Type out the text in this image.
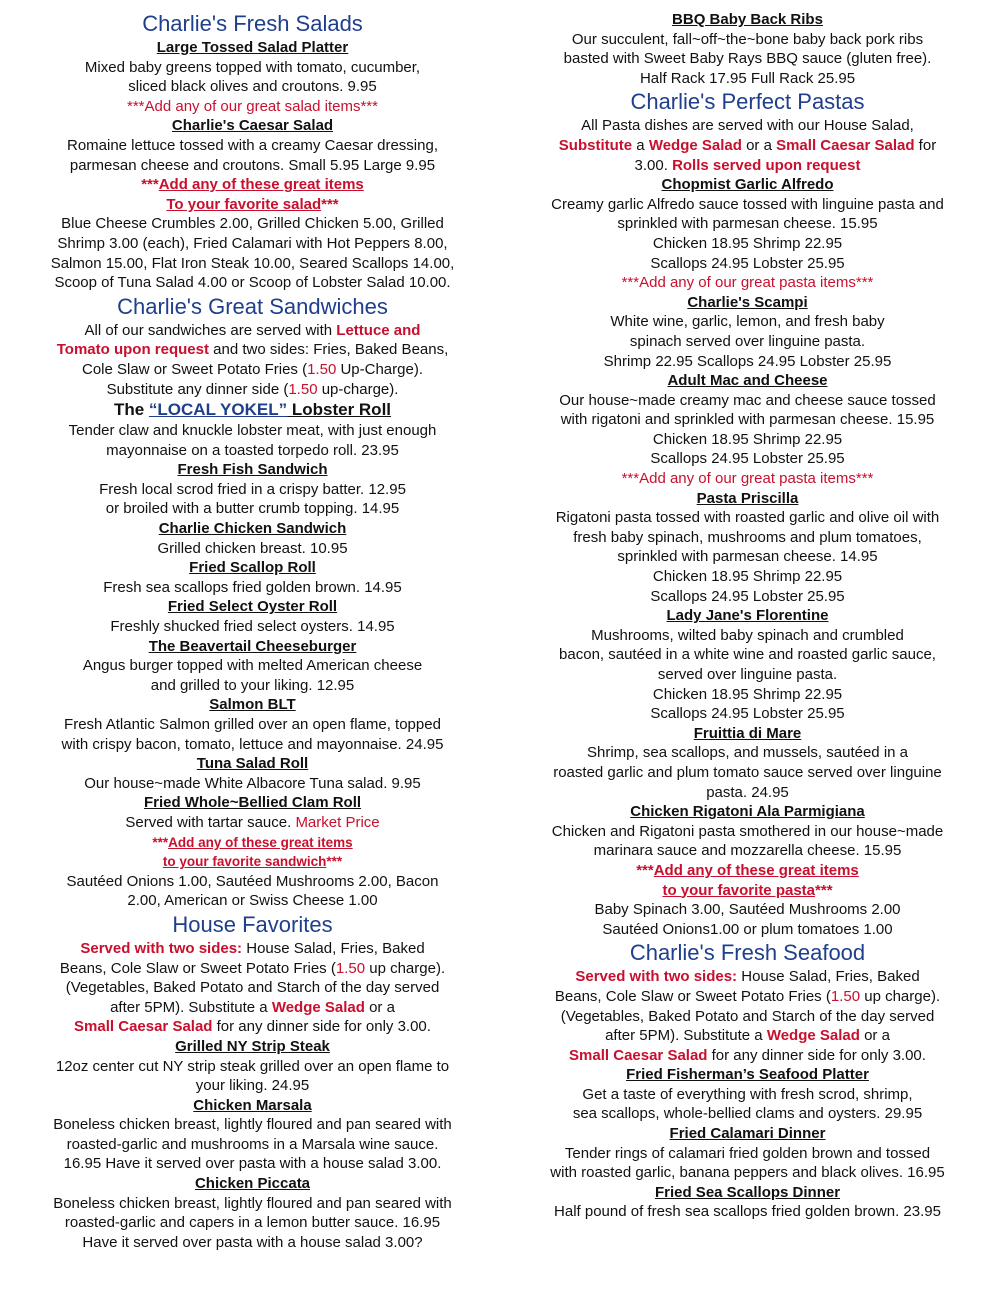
Charlie's Fresh Salads
Large Tossed Salad Platter
Mixed baby greens topped with tomato, cucumber,
sliced black olives and croutons. 9.95
***Add any of our great salad items***
Charlie's Caesar Salad
Romaine lettuce tossed with a creamy Caesar dressing,
parmesan cheese and croutons. Small 5.95 Large 9.95
***Add any of these great items
To your favorite salad***
Blue Cheese Crumbles 2.00, Grilled Chicken 5.00, Grilled
Shrimp 3.00 (each), Fried Calamari with Hot Peppers 8.00,
Salmon 15.00, Flat Iron Steak 10.00, Seared Scallops 14.00,
Scoop of Tuna Salad 4.00 or Scoop of Lobster Salad 10.00.
Charlie's Great Sandwiches
All of our sandwiches are served with Lettuce and
Tomato upon request and two sides: Fries, Baked Beans,
Cole Slaw or Sweet Potato Fries (1.50 Up-Charge).
Substitute any dinner side (1.50 up-charge).
The “LOCAL YOKEL” Lobster Roll
Tender claw and knuckle lobster meat, with just enough
mayonnaise on a toasted torpedo roll. 23.95
Fresh Fish Sandwich
Fresh local scrod fried in a crispy batter. 12.95
or broiled with a butter crumb topping. 14.95
Charlie Chicken Sandwich
Grilled chicken breast. 10.95
Fried Scallop Roll
Fresh sea scallops fried golden brown. 14.95
Fried Select Oyster Roll
Freshly shucked fried select oysters. 14.95
The Beavertail Cheeseburger
Angus burger topped with melted American cheese
and grilled to your liking. 12.95
Salmon BLT
Fresh Atlantic Salmon grilled over an open flame, topped
with crispy bacon, tomato, lettuce and mayonnaise. 24.95
Tuna Salad Roll
Our house~made White Albacore Tuna salad. 9.95
Fried Whole~Bellied Clam Roll
Served with tartar sauce. Market Price
***Add any of these great items
to your favorite sandwich***
Sautéed Onions 1.00, Sautéed Mushrooms 2.00, Bacon
2.00, American or Swiss Cheese 1.00
House Favorites
Served with two sides: House Salad, Fries, Baked
Beans, Cole Slaw or Sweet Potato Fries (1.50 up charge).
(Vegetables, Baked Potato and Starch of the day served
after 5PM). Substitute a Wedge Salad or a
Small Caesar Salad for any dinner side for only 3.00.
Grilled NY Strip Steak
12oz center cut NY strip steak grilled over an open flame to
your liking. 24.95
Chicken Marsala
Boneless chicken breast, lightly floured and pan seared with
roasted-garlic and mushrooms in a Marsala wine sauce.
16.95 Have it served over pasta with a house salad 3.00.
Chicken Piccata
Boneless chicken breast, lightly floured and pan seared with
roasted-garlic and capers in a lemon butter sauce. 16.95
Have it served over pasta with a house salad 3.00?
BBQ Baby Back Ribs
Our succulent, fall~off~the~bone baby back pork ribs
basted with Sweet Baby Rays BBQ sauce (gluten free).
Half Rack 17.95 Full Rack 25.95
Charlie's Perfect Pastas
All Pasta dishes are served with our House Salad,
Substitute a Wedge Salad or a Small Caesar Salad for
3.00. Rolls served upon request
Chopmist Garlic Alfredo
Creamy garlic Alfredo sauce tossed with linguine pasta and
sprinkled with parmesan cheese. 15.95
Chicken 18.95 Shrimp 22.95
Scallops 24.95 Lobster 25.95
***Add any of our great pasta items***
Charlie's Scampi
White wine, garlic, lemon, and fresh baby
spinach served over linguine pasta.
Shrimp 22.95 Scallops 24.95 Lobster 25.95
Adult Mac and Cheese
Our house~made creamy mac and cheese sauce tossed
with rigatoni and sprinkled with parmesan cheese. 15.95
Chicken 18.95 Shrimp 22.95
Scallops 24.95 Lobster 25.95
***Add any of our great pasta items***
Pasta Priscilla
Rigatoni pasta tossed with roasted garlic and olive oil with
fresh baby spinach, mushrooms and plum tomatoes,
sprinkled with parmesan cheese. 14.95
Chicken 18.95 Shrimp 22.95
Scallops 24.95 Lobster 25.95
Lady Jane's Florentine
Mushrooms, wilted baby spinach and crumbled
bacon, sautéed in a white wine and roasted garlic sauce,
served over linguine pasta.
Chicken 18.95 Shrimp 22.95
Scallops 24.95 Lobster 25.95
Fruittia di Mare
Shrimp, sea scallops, and mussels, sautéed in a
roasted garlic and plum tomato sauce served over linguine
pasta. 24.95
Chicken Rigatoni Ala Parmigiana
Chicken and Rigatoni pasta smothered in our house~made
marinara sauce and mozzarella cheese. 15.95
***Add any of these great items
to your favorite pasta***
Baby Spinach 3.00, Sautéed Mushrooms 2.00
Sautéed Onions1.00 or plum tomatoes 1.00
Charlie's Fresh Seafood
Served with two sides: House Salad, Fries, Baked
Beans, Cole Slaw or Sweet Potato Fries (1.50 up charge).
(Vegetables, Baked Potato and Starch of the day served
after 5PM). Substitute a Wedge Salad or a
Small Caesar Salad for any dinner side for only 3.00.
Fried Fisherman’s Seafood Platter
Get a taste of everything with fresh scrod, shrimp,
sea scallops, whole-bellied clams and oysters. 29.95
Fried Calamari Dinner
Tender rings of calamari fried golden brown and tossed
with roasted garlic, banana peppers and black olives. 16.95
Fried Sea Scallops Dinner
Half pound of fresh sea scallops fried golden brown. 23.95
